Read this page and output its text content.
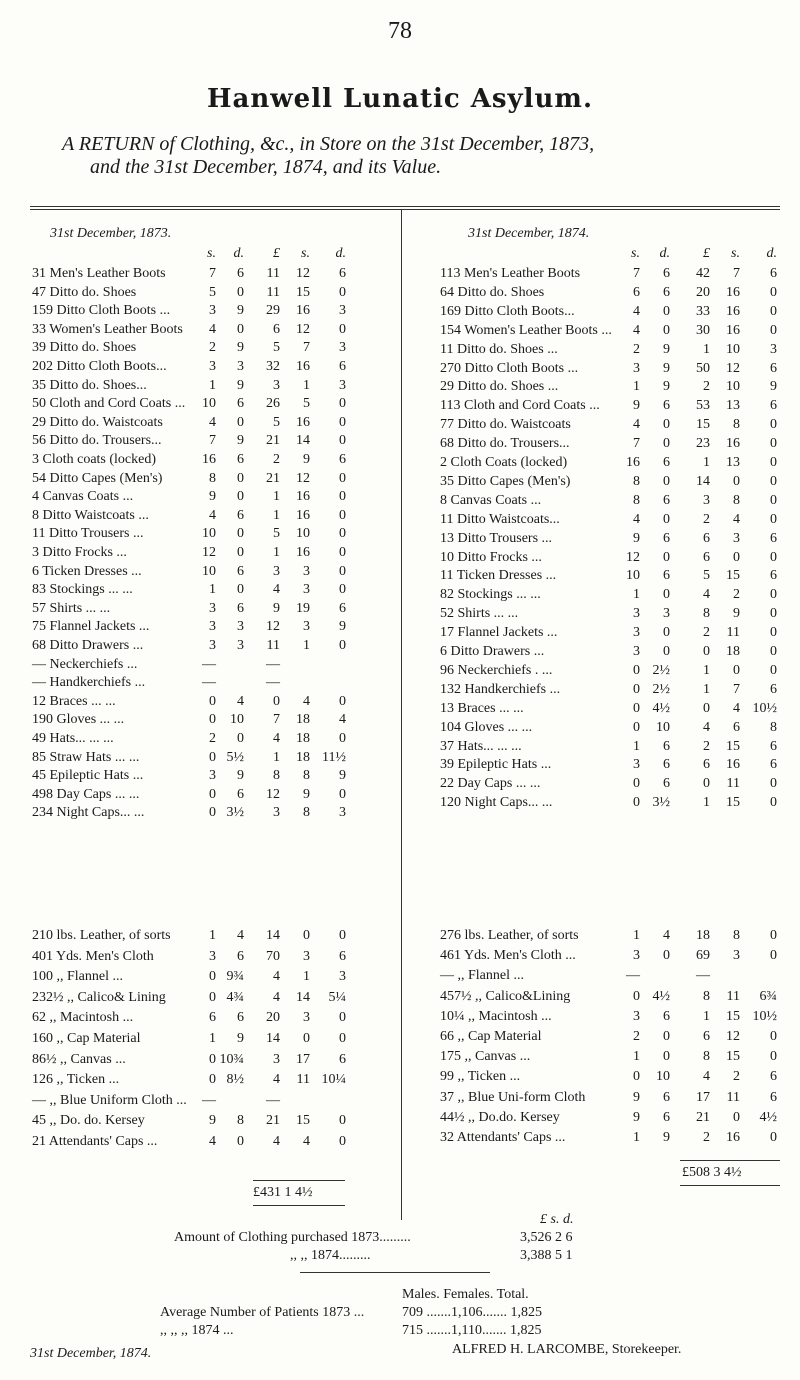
78
Hanwell Lunatic Asylum.
A RETURN of Clothing, &c., in Store on the 31st December, 1873,
and the 31st December, 1874, and its Value.
31st December, 1873.	31st December, 1874.
s.	d.	£	s.	d.	s.	d.	£	s.	d.
31 Men's Leather Boots	7	6	11	12	6
47 Ditto do. Shoes	5	0	11	15	0
159 Ditto Cloth Boots ...	3	9	29	16	3
33 Women's Leather Boots	4	0	6	12	0
39 Ditto do. Shoes	2	9	5	7	3
202 Ditto Cloth Boots...	3	3	32	16	6
35 Ditto do. Shoes...	1	9	3	1	3
50 Cloth and Cord Coats ...	10	6	26	5	0
29 Ditto do. Waistcoats	4	0	5	16	0
56 Ditto do. Trousers...	7	9	21	14	0
3 Cloth coats (locked)	16	6	2	9	6
54 Ditto Capes (Men's)	8	0	21	12	0
4 Canvas Coats ...	9	0	1	16	0
8 Ditto Waistcoats ...	4	6	1	16	0
11 Ditto Trousers ...	10	0	5	10	0
3 Ditto Frocks ...	12	0	1	16	0
6 Ticken Dresses ...	10	6	3	3	0
83 Stockings ... ...	1	0	4	3	0
57 Shirts ... ...	3	6	9	19	6
75 Flannel Jackets ...	3	3	12	3	9
68 Ditto Drawers ...	3	3	11	1	0
— Neckerchiefs ...	—	—
— Handkerchiefs ...	—	—
12 Braces ... ...	0	4	0	4	0
190 Gloves ... ...	0	10	7	18	4
49 Hats... ... ...	2	0	4	18	0
85 Straw Hats ... ...	0 5½	1	18 11½
45 Epileptic Hats ...	3	9	8	8	9
498 Day Caps ... ...	0	6	12	9	0
234 Night Caps... ...	0 3½	3	8	3
113 Men's Leather Boots	7	6	42	7	6
64 Ditto do. Shoes	6	6	20	16	0
169 Ditto Cloth Boots...	4	0	33	16	0
154 Women's Leather Boots ...	4	0	30	16	0
11 Ditto do. Shoes ...	2	9	1	10	3
270 Ditto Cloth Boots ...	3	9	50	12	6
29 Ditto do. Shoes ...	1	9	2	10	9
113 Cloth and Cord Coats ...	9	6	53	13	6
77 Ditto do. Waistcoats	4	0	15	8	0
68 Ditto do. Trousers...	7	0	23	16	0
2 Cloth Coats (locked)	16	6	1	13	0
35 Ditto Capes (Men's)	8	0	14	0	0
8 Canvas Coats ...	8	6	3	8	0
11 Ditto Waistcoats...	4	0	2	4	0
13 Ditto Trousers ...	9	6	6	3	6
10 Ditto Frocks ...	12	0	6	0	0
11 Ticken Dresses ...	10	6	5	15	6
82 Stockings ... ...	1	0	4	2	0
52 Shirts ... ...	3	3	8	9	0
17 Flannel Jackets ...	3	0	2	11	0
6 Ditto Drawers ...	3	0	0	18	0
96 Neckerchiefs . ...	0 2½	1	0	0
132 Handkerchiefs ...	0 2½	1	7	6
13 Braces ... ...	0 4½	0	4 10½
104 Gloves ... ...	0	10	4	6	8
37 Hats... ... ...	1	6	2	15	6
39 Epileptic Hats ...	3	6	6	16	6
22 Day Caps ... ...	0	6	0	11	0
120 Night Caps... ...	0 3½	1	15	0
210 lbs. Leather, of sorts	1	4	14	0	0
401 Yds. Men's Cloth	3	6	70	3	6
100 ,, Flannel ...	0 9¾	4	1	3
232½ ,, Calico& Lining	0 4¾	4	14	5¼
62 ,, Macintosh ...	6	6	20	3	0
160 ,, Cap Material	1	9	14	0	0
86½ ,, Canvas ...	0 10¾	3	17	6
126 ,, Ticken ...	0 8½	4	11 10¼
— ,, Blue Uniform Cloth ...	—	—
45 ,, Do. do. Kersey	9	8	21	15	0
21 Attendants' Caps ...	4	0	4	4	0
276 lbs. Leather, of sorts	1	4	18	8	0
461 Yds. Men's Cloth ...	3	0	69	3	0
— ,, Flannel ...	—	—
457½ ,, Calico&Lining	0 4½	8	11	6¾
10¼ ,, Macintosh ...	3	6	1	15 10½
66 ,, Cap Material	2	0	6	12	0
175 ,, Canvas ...	1	0	8	15	0
99 ,, Ticken ...	0	10	4	2	6
37 ,, Blue Uni-form Cloth	9	6	17	11	6
44½ ,, Do.do. Kersey	9	6	21	0	4½
32 Attendants' Caps ...	1	9	2	16	0
£431 1 4½
£508 3 4½
£ s. d.
Amount of Clothing purchased 1873.........	3,526 2 6
,, ,, 1874.........	3,388 5 1
Males. Females. Total.
Average Number of Patients 1873 ...	709 .......1,106....... 1,825
,, ,, ,, 1874 ...	715 .......1,110....... 1,825
31st December, 1874.	ALFRED H. LARCOMBE, Storekeeper.
